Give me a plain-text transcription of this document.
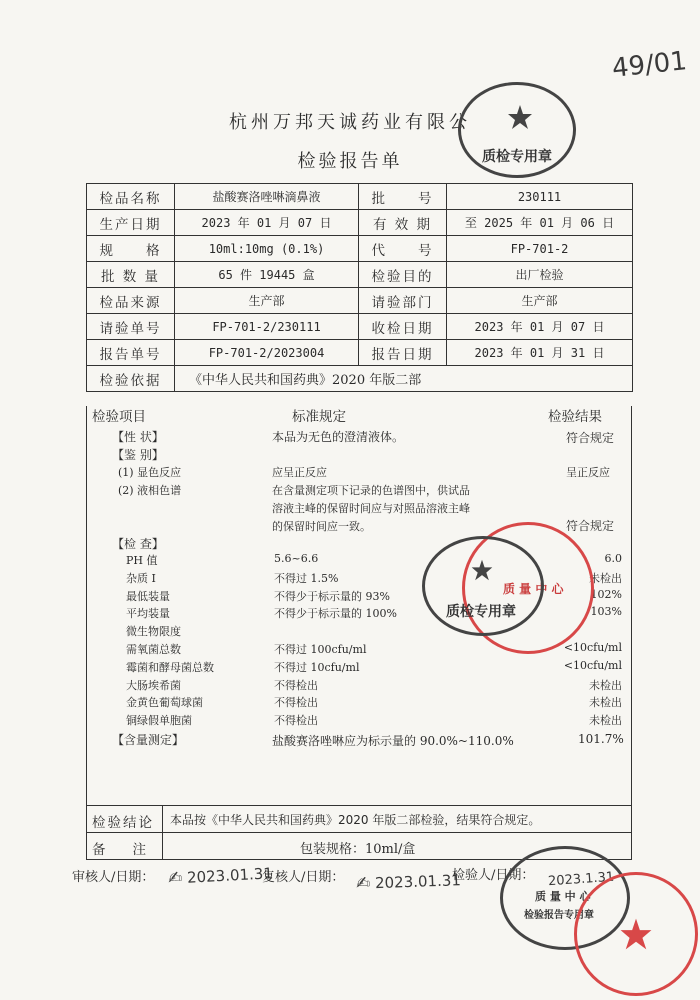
49/01
杭州万邦天诚药业有限公
检验报告单
检品名称	盐酸赛洛唑啉滴鼻液	批　　号	230111
生产日期	2023 年 01 月 07 日	有 效 期	至 2025 年 01 月 06 日
规　　格	10ml:10mg (0.1%)	代　　号	FP-701-2
批 数 量	65 件 19445 盒	检验目的	出厂检验
检品来源	生产部	请验部门	生产部
请验单号	FP-701-2/230111	收检日期	2023 年 01 月 07 日
报告单号	FP-701-2/2023004	报告日期	2023 年 01 月 31 日
检验依据	《中华人民共和国药典》2020 年版二部		
检验项目	标准规定	检验结果
【性 状】	本品为无色的澄清液体。	符合规定
【鉴 别】
(1) 显色反应	应呈正反应	呈正反应
(2) 液相色谱	在含量测定项下记录的色谱图中，供试品
溶液主峰的保留时间应与对照品溶液主峰
的保留时间应一致。	符合规定
【检 查】
PH 值	5.6~6.6	6.0
杂质 I	不得过 1.5%	未检出
最低装量	不得少于标示量的 93%	102%
平均装量	不得少于标示量的 100%	103%
微生物限度
需氧菌总数	不得过 100cfu/ml	<10cfu/ml
霉菌和酵母菌总数	不得过 10cfu/ml	<10cfu/ml
大肠埃希菌	不得检出	未检出
金黄色葡萄球菌	不得检出	未检出
铜绿假单胞菌	不得检出	未检出
【含量测定】	盐酸赛洛唑啉应为标示量的 90.0%~110.0%	101.7%
检验结论 本品按《中华人民共和国药典》2020 年版二部检验，结果符合规定。
备　　注	包装规格：10ml/盒
审核人/日期： ✍ 2023.01.31
复核人/日期： ✍ 2023.01.31
检验人/日期： 2023.1.31
质检专用章
质 量 中 心
质检专用章
质 量 中 心
检验报告专用章
